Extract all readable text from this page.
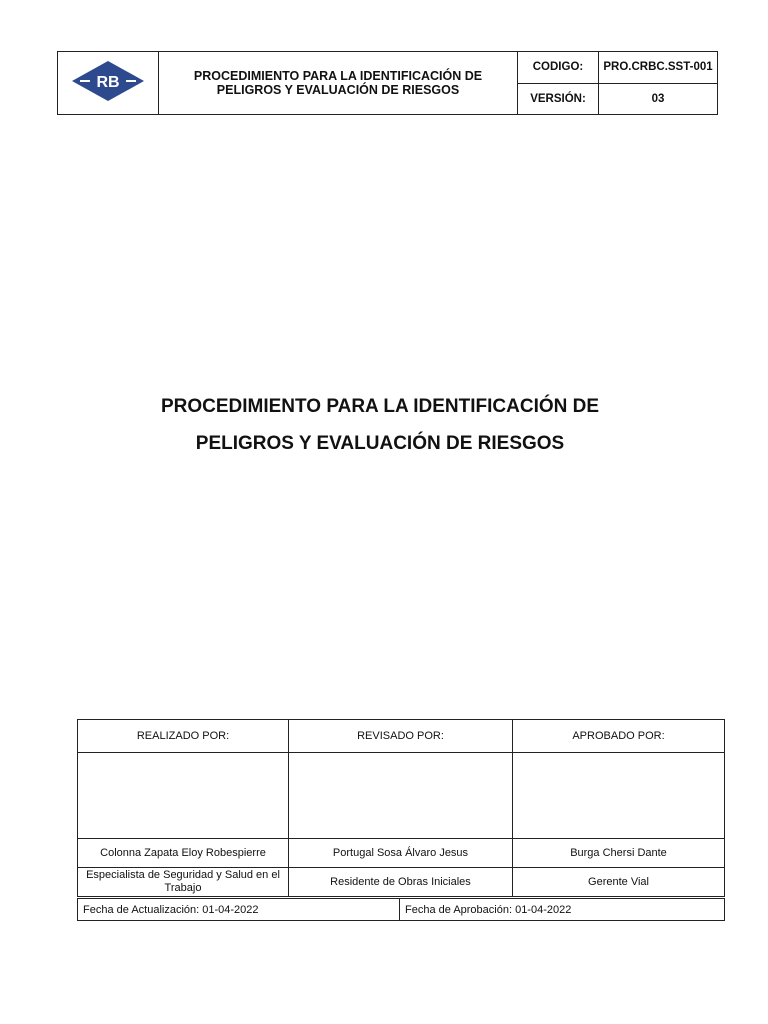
RB	PROCEDIMIENTO PARA LA IDENTIFICACIÓN DE
PELIGROS Y EVALUACIÓN DE RIESGOS	CODIGO:	PRO.CRBC.SST-001
		VERSIÓN:	03
PROCEDIMIENTO PARA LA IDENTIFICACIÓN DE
PELIGROS Y EVALUACIÓN DE RIESGOS
REALIZADO POR:	REVISADO POR:	APROBADO POR:

Colonna Zapata Eloy Robespierre	Portugal Sosa Álvaro Jesus	Burga Chersi Dante
Especialista de Seguridad y Salud en el Trabajo	Residente de Obras Iniciales	Gerente Vial
Fecha de Actualización: 01-04-2022	Fecha de Aprobación: 01-04-2022
